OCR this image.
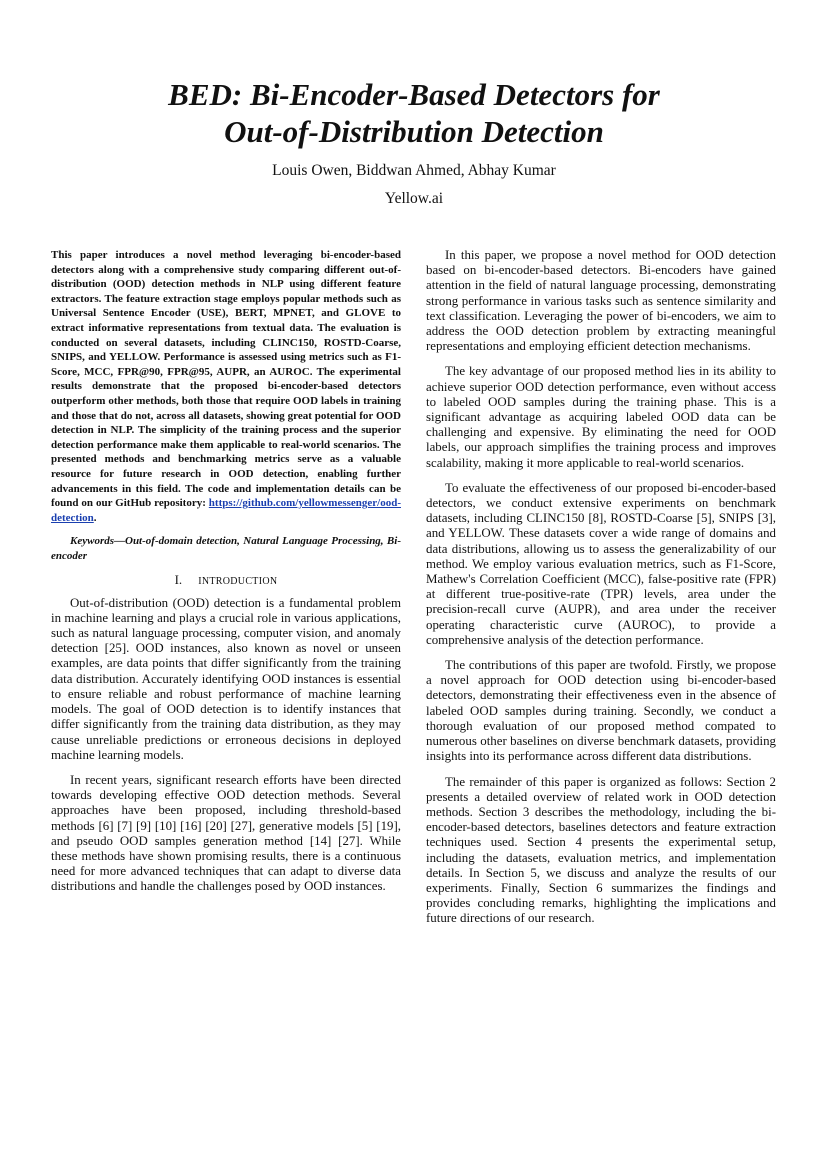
BED: Bi-Encoder-Based Detectors for
Out-of-Distribution Detection
Louis Owen, Biddwan Ahmed, Abhay Kumar
Yellow.ai

This paper introduces a novel method leveraging bi-encoder-based detectors along with a comprehensive study comparing different out-of-distribution (OOD) detection methods in NLP using different feature extractors. The feature extraction stage employs popular methods such as Universal Sentence Encoder (USE), BERT, MPNET, and GLOVE to extract informative representations from textual data. The evaluation is conducted on several datasets, including CLINC150, ROSTD-Coarse, SNIPS, and YELLOW. Performance is assessed using metrics such as F1-Score, MCC, FPR@90, FPR@95, AUPR, an AUROC. The experimental results demonstrate that the proposed bi-encoder-based detectors outperform other methods, both those that require OOD labels in training and those that do not, across all datasets, showing great potential for OOD detection in NLP. The simplicity of the training process and the superior detection performance make them applicable to real-world scenarios. The presented methods and benchmarking metrics serve as a valuable resource for future research in OOD detection, enabling further advancements in this field. The code and implementation details can be found on our GitHub repository: https://github.com/yellowmessenger/ood-detection.

Keywords—Out-of-domain detection, Natural Language Processing, Bi-encoder

I. INTRODUCTION

Out-of-distribution (OOD) detection is a fundamental problem in machine learning and plays a crucial role in various applications, such as natural language processing, computer vision, and anomaly detection [25]. OOD instances, also known as novel or unseen examples, are data points that differ significantly from the training data distribution. Accurately identifying OOD instances is essential to ensure reliable and robust performance of machine learning models. The goal of OOD detection is to identify instances that differ significantly from the training data distribution, as they may cause unreliable predictions or erroneous decisions in deployed machine learning models.

In recent years, significant research efforts have been directed towards developing effective OOD detection methods. Several approaches have been proposed, including threshold-based methods [6] [7] [9] [10] [16] [20] [27], generative models [5] [19], and pseudo OOD samples generation method [14] [27]. While these methods have shown promising results, there is a continuous need for more advanced techniques that can adapt to diverse data distributions and handle the challenges posed by OOD instances.

In this paper, we propose a novel method for OOD detection based on bi-encoder-based detectors. Bi-encoders have gained attention in the field of natural language processing, demonstrating strong performance in various tasks such as sentence similarity and text classification. Leveraging the power of bi-encoders, we aim to address the OOD detection problem by extracting meaningful representations and employing efficient detection mechanisms.

The key advantage of our proposed method lies in its ability to achieve superior OOD detection performance, even without access to labeled OOD samples during the training phase. This is a significant advantage as acquiring labeled OOD data can be challenging and expensive. By eliminating the need for OOD labels, our approach simplifies the training process and improves scalability, making it more applicable to real-world scenarios.

To evaluate the effectiveness of our proposed bi-encoder-based detectors, we conduct extensive experiments on benchmark datasets, including CLINC150 [8], ROSTD-Coarse [5], SNIPS [3], and YELLOW. These datasets cover a wide range of domains and data distributions, allowing us to assess the generalizability of our method. We employ various evaluation metrics, such as F1-Score, Mathew's Correlation Coefficient (MCC), false-positive rate (FPR) at different true-positive-rate (TPR) levels, area under the precision-recall curve (AUPR), and area under the receiver operating characteristic curve (AUROC), to provide a comprehensive analysis of the detection performance.

The contributions of this paper are twofold. Firstly, we propose a novel approach for OOD detection using bi-encoder-based detectors, demonstrating their effectiveness even in the absence of labeled OOD samples during training. Secondly, we conduct a thorough evaluation of our proposed method compated to numerous other baselines on diverse benchmark datasets, providing insights into its performance across different data distributions.

The remainder of this paper is organized as follows: Section 2 presents a detailed overview of related work in OOD detection methods. Section 3 describes the methodology, including the bi-encoder-based detectors, baselines detectors and feature extraction techniques used. Section 4 presents the experimental setup, including the datasets, evaluation metrics, and implementation details. In Section 5, we discuss and analyze the results of our experiments. Finally, Section 6 summarizes the findings and provides concluding remarks, highlighting the implications and future directions of our research.
